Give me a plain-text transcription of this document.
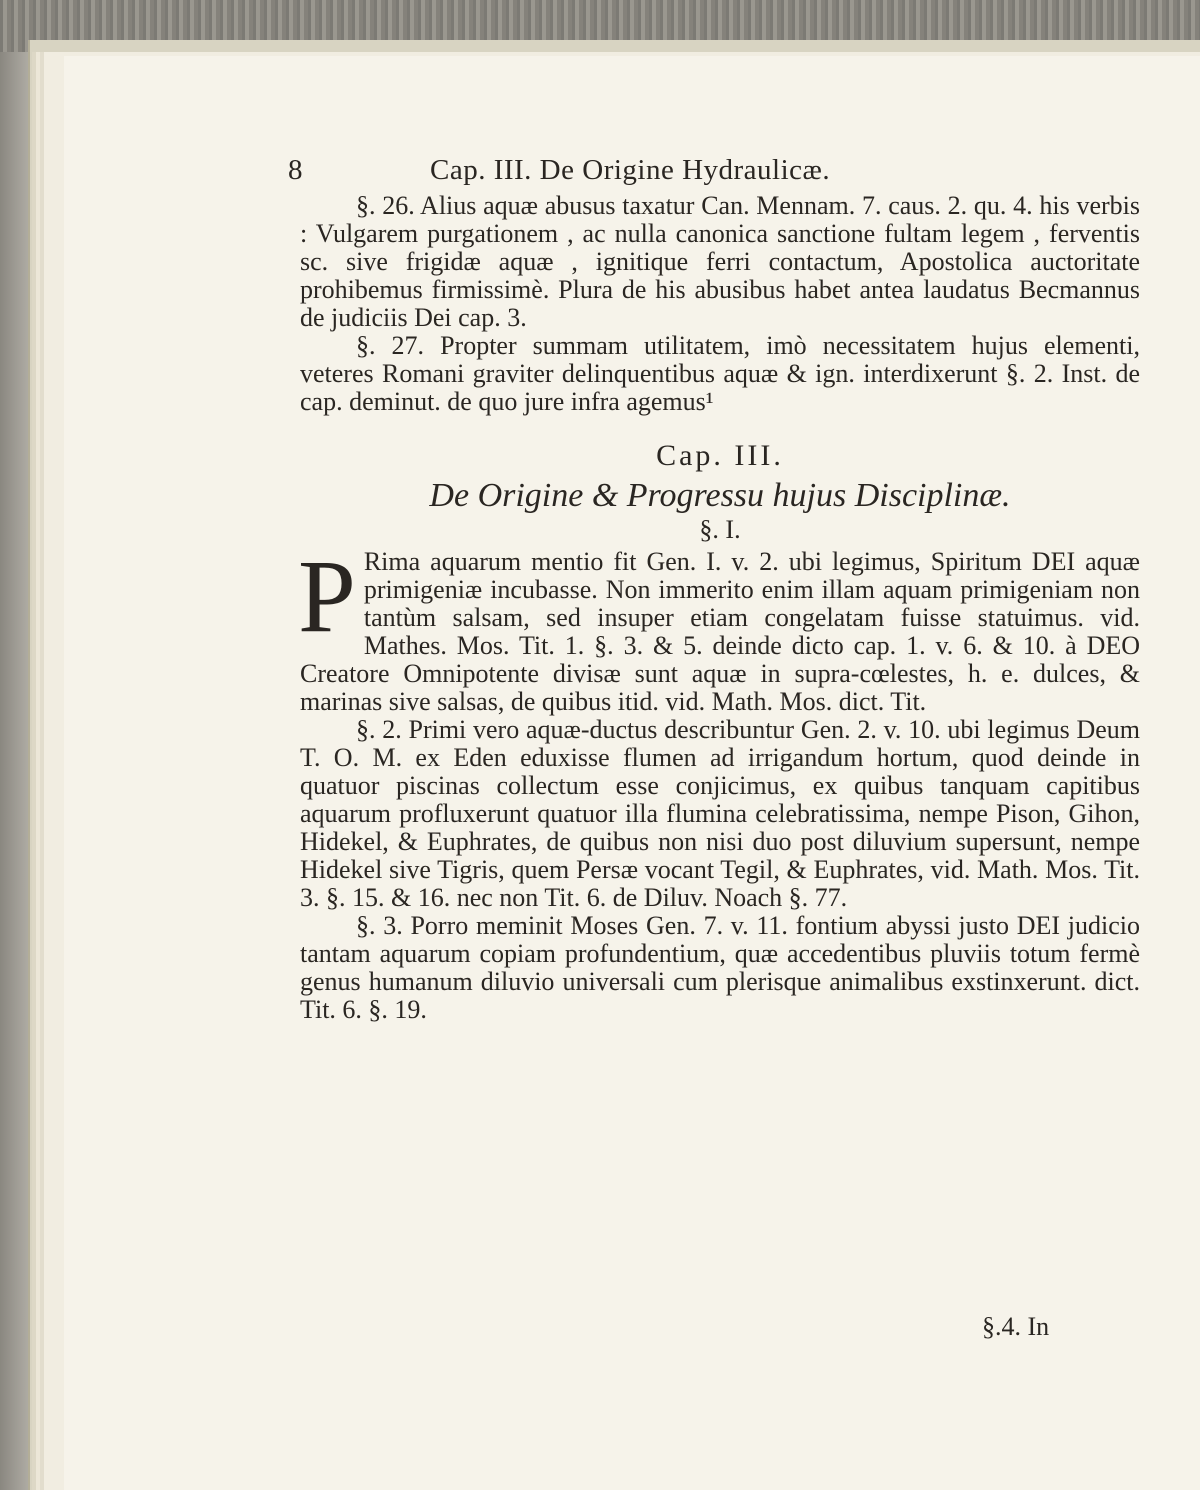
8	Cap. III. De Origine Hydraulicæ.

§. 26. Alius aquæ abusus taxatur Can. Mennam. 7. caus. 2. qu. 4. his verbis : Vulgarem purgationem , ac nulla canonica sanctione fultam legem , ferventis sc. sive frigidæ aquæ , ignitique ferri contactum, Apostolica auctoritate prohibemus firmissimè. Plura de his abusibus habet antea laudatus Becmannus de judiciis Dei cap. 3.

§. 27. Propter summam utilitatem, imò necessitatem hujus elementi, veteres Romani graviter delinquentibus aquæ & ign. interdixerunt §. 2. Inst. de cap. deminut. de quo jure infra agemus¹

Cap. III.
De Origine & Progressu hujus Disciplinæ.
§. I.
P Rima aquarum mentio fit Gen. I. v. 2. ubi legimus, Spiritum DEI aquæ primigeniæ incubasse. Non immerito enim illam aquam primigeniam non tantùm salsam, sed insuper etiam congelatam fuisse statuimus. vid. Mathes. Mos. Tit. 1. §. 3. & 5. deinde dicto cap. 1. v. 6. & 10. à DEO Creatore Omnipotente divisæ sunt aquæ in supra-cœlestes, h. e. dulces, & marinas sive salsas, de quibus itid. vid. Math. Mos. dict. Tit.

§. 2. Primi vero aquæ-ductus describuntur Gen. 2. v. 10. ubi legimus Deum T. O. M. ex Eden eduxisse flumen ad irrigandum hortum, quod deinde in quatuor piscinas collectum esse conjicimus, ex quibus tanquam capitibus aquarum profluxerunt quatuor illa flumina celebratissima, nempe Pison, Gihon, Hidekel, & Euphrates, de quibus non nisi duo post diluvium supersunt, nempe Hidekel sive Tigris, quem Persæ vocant Tegil, & Euphrates, vid. Math. Mos. Tit. 3. §. 15. & 16. nec non Tit. 6. de Diluv. Noach §. 77.

§. 3. Porro meminit Moses Gen. 7. v. 11. fontium abyssi justo DEI judicio tantam aquarum copiam profundentium, quæ accedentibus pluviis totum fermè genus humanum diluvio universali cum plerisque animalibus exstinxerunt. dict. Tit. 6. §. 19.

§.4. In
